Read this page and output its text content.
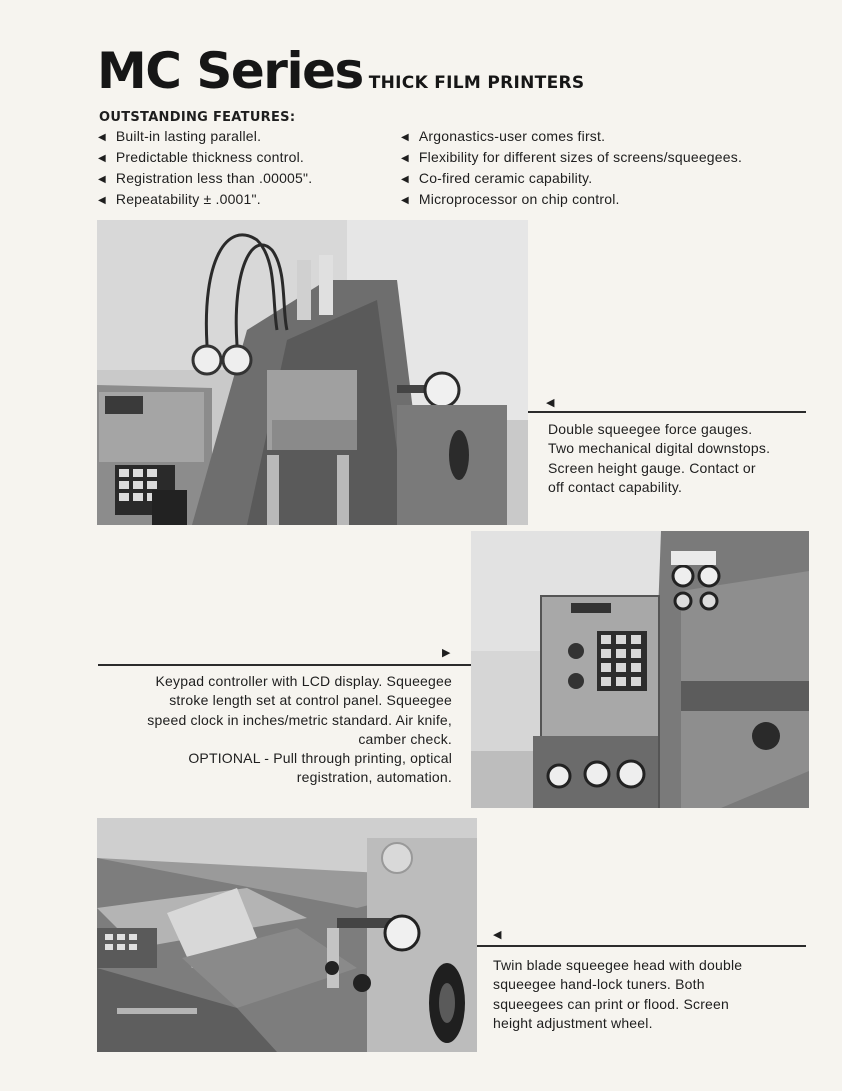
MC Series THICK FILM PRINTERS
OUTSTANDING FEATURES:
◀ Built-in lasting parallel.
◀ Predictable thickness control.
◀ Registration less than .00005".
◀ Repeatability ± .0001".
◀ Argonastics-user comes first.
◀ Flexibility for different sizes of screens/squeegees.
◀ Co-fired ceramic capability.
◀ Microprocessor on chip control.
◀
Double squeegee force gauges.
Two mechanical digital downstops.
Screen height gauge. Contact or
off contact capability.
▶
Keypad controller with LCD display. Squeegee
stroke length set at control panel. Squeegee
speed clock in inches/metric standard. Air knife,
camber check.
OPTIONAL - Pull through printing, optical
registration, automation.
◀
Twin blade squeegee head with double
squeegee hand-lock tuners. Both
squeegees can print or flood. Screen
height adjustment wheel.
